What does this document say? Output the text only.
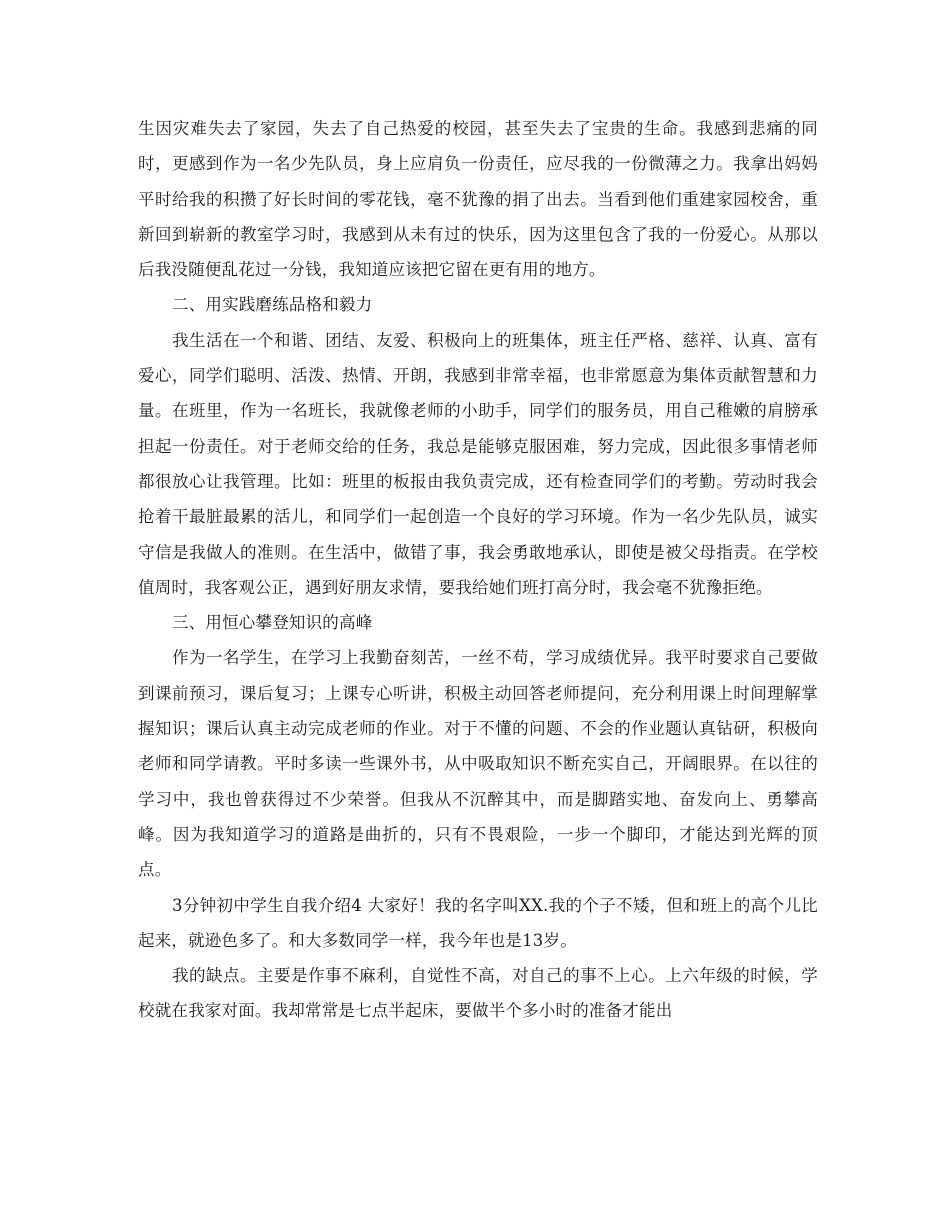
生因灾难失去了家园，失去了自己热爱的校园，甚至失去了宝贵的生命。我感到悲痛的同时，更感到作为一名少先队员，身上应肩负一份责任，应尽我的一份微薄之力。我拿出妈妈平时给我的积攒了好长时间的零花钱，毫不犹豫的捐了出去。当看到他们重建家园校舍，重新回到崭新的教室学习时，我感到从未有过的快乐，因为这里包含了我的一份爱心。从那以后我没随便乱花过一分钱，我知道应该把它留在更有用的地方。

二、用实践磨练品格和毅力

我生活在一个和谐、团结、友爱、积极向上的班集体，班主任严格、慈祥、认真、富有爱心，同学们聪明、活泼、热情、开朗，我感到非常幸福，也非常愿意为集体贡献智慧和力量。在班里，作为一名班长，我就像老师的小助手，同学们的服务员，用自己稚嫩的肩膀承担起一份责任。对于老师交给的任务，我总是能够克服困难，努力完成，因此很多事情老师都很放心让我管理。比如：班里的板报由我负责完成，还有检查同学们的考勤。劳动时我会抢着干最脏最累的活儿，和同学们一起创造一个良好的学习环境。作为一名少先队员，诚实守信是我做人的准则。在生活中，做错了事，我会勇敢地承认，即使是被父母指责。在学校值周时，我客观公正，遇到好朋友求情，要我给她们班打高分时，我会毫不犹豫拒绝。

三、用恒心攀登知识的高峰

作为一名学生，在学习上我勤奋刻苦，一丝不苟，学习成绩优异。我平时要求自己要做到课前预习，课后复习；上课专心听讲，积极主动回答老师提问，充分利用课上时间理解掌握知识；课后认真主动完成老师的作业。对于不懂的问题、不会的作业题认真钻研，积极向老师和同学请教。平时多读一些课外书，从中吸取知识不断充实自己，开阔眼界。在以往的学习中，我也曾获得过不少荣誉。但我从不沉醉其中，而是脚踏实地、奋发向上、勇攀高峰。因为我知道学习的道路是曲折的，只有不畏艰险，一步一个脚印，才能达到光辉的顶点。

3分钟初中学生自我介绍4 大家好！我的名字叫XX.我的个子不矮，但和班上的高个儿比起来，就逊色多了。和大多数同学一样，我今年也是13岁。

我的缺点。主要是作事不麻利，自觉性不高，对自己的事不上心。上六年级的时候，学校就在我家对面。我却常常是七点半起床，要做半个多小时的准备才能出
